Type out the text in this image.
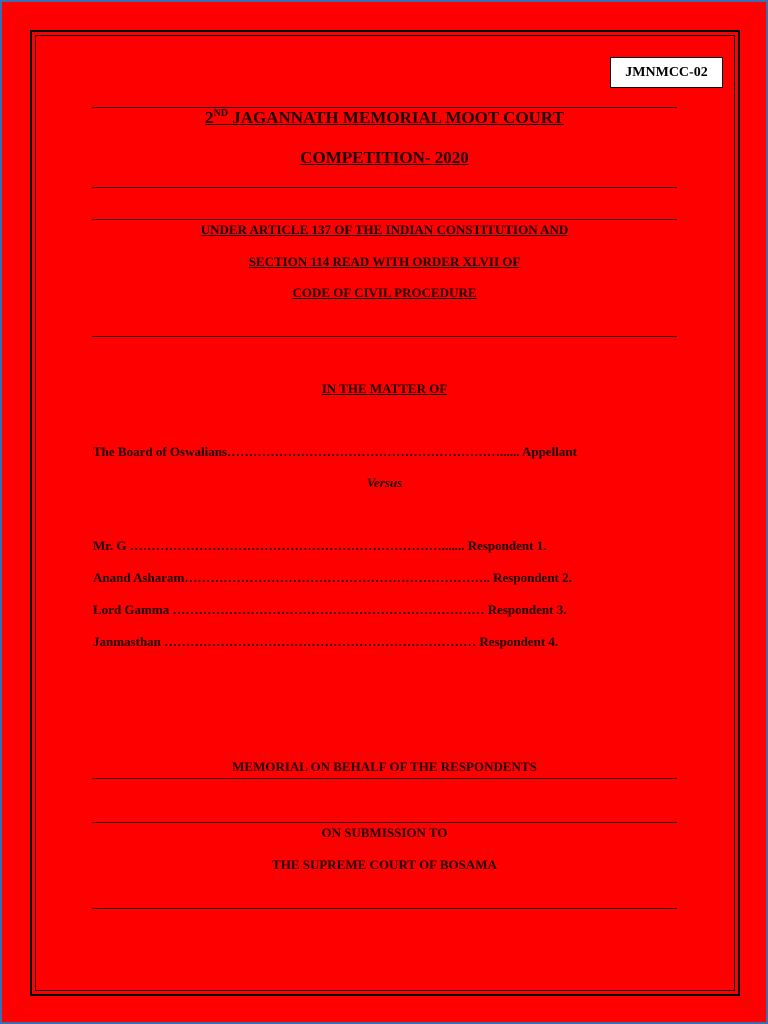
JMNMCC-02
2ND JAGANNATH MEMORIAL MOOT COURT
COMPETITION- 2020
UNDER ARTICLE 137 OF THE INDIAN CONSTITUTION AND
SECTION 114 READ WITH ORDER XLVII OF
CODE OF CIVIL PROCEDURE
IN THE MATTER OF
The Board of Oswalians………………………………………………………...... Appellant
Versus
Mr. G ………………………………………………………………....... Respondent 1.
Anand Asharam…………………………………………………………….. Respondent 2.
Lord Gamma ……………………………………………………………… Respondent 3.
Janmasthan ……………………………………………………………… Respondent 4.
MEMORIAL ON BEHALF OF THE RESPONDENTS
ON SUBMISSION TO
THE SUPREME COURT OF BOSAMA
